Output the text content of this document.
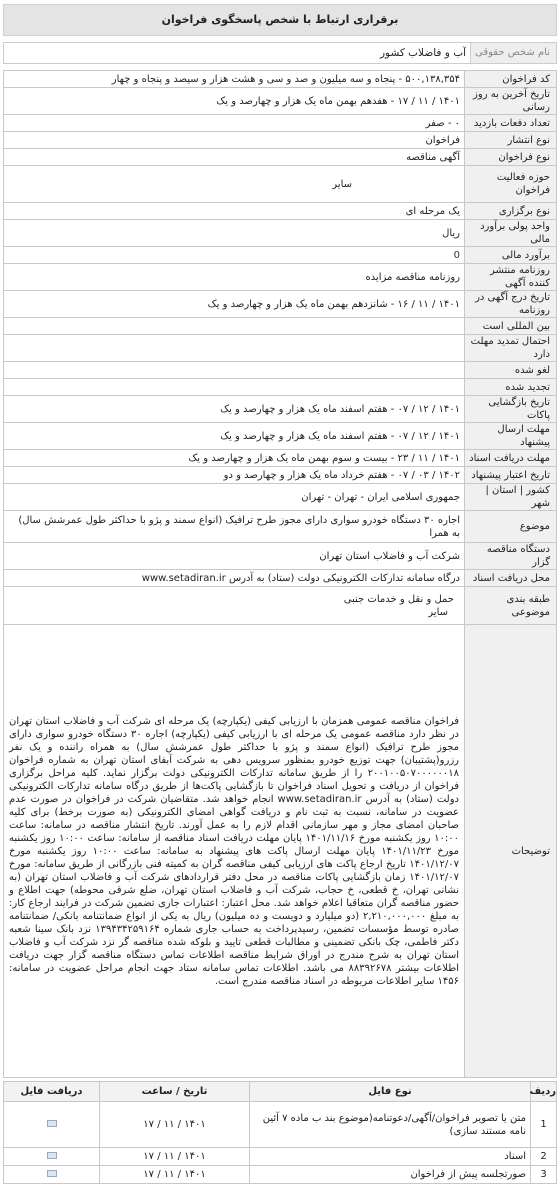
برقراری ارتباط با شخص پاسخگوی فراخوان
نام شخص حقوقی
آب و فاضلاب کشور
کد فراخوان	۵۰۰,۱۳۸,۳۵۴ - پنجاه و سه میلیون و صد و سی و هشت هزار و سیصد و پنجاه و چهار
تاریخ آخرین به روز رسانی	۱۴۰۱ / ۱۱ / ۱۷ - هفدهم بهمن ماه یک هزار و چهارصد و یک
تعداد دفعات بازدید	۰ - صفر
نوع انتشار	فراخوان
نوع فراخوان	آگهی مناقصه
حوزه فعالیت فراخوان	سایر
نوع برگزاری	یک مرحله ای
واحد پولی برآورد مالی	ریال
برآورد مالی	0
روزنامه منتشر کننده آگهی	روزنامه مناقصه مزایده
تاریخ درج آگهی در روزنامه	۱۴۰۱ / ۱۱ / ۱۶ - شانزدهم بهمن ماه یک هزار و چهارصد و یک
بین المللی است	
احتمال تمدید مهلت دارد	
لغو شده	
تجدید شده	
تاریخ بازگشایی پاکات	۱۴۰۱ / ۱۲ / ۰۷ - هفتم اسفند ماه یک هزار و چهارصد و یک
مهلت ارسال پیشنهاد	۱۴۰۱ / ۱۲ / ۰۷ - هفتم اسفند ماه یک هزار و چهارصد و یک
مهلت دریافت اسناد	۱۴۰۱ / ۱۱ / ۲۳ - بیست و سوم بهمن ماه یک هزار و چهارصد و یک
تاریخ اعتبار پیشنهاد	۱۴۰۲ / ۰۳ / ۰۷ - هفتم خرداد ماه یک هزار و چهارصد و دو
کشور | استان | شهر	جمهوری اسلامی ایران - تهران - تهران
موضوع	اجاره ۳۰ دستگاه خودرو سواری دارای مجوز طرح ترافیک (انواع سمند و پژو با حداکثر طول عمرشش سال) به همرا
دستگاه مناقصه گزار	شرکت آب و فاضلاب استان تهران
محل دریافت اسناد	درگاه سامانه تدارکات الکترونیکی دولت (ستاد) به آدرس www.setadiran.ir
طبقه بندی موضوعی	حمل و نقل و خدمات جنبی
سایر

توضیحات	فراخوان مناقصه عمومی همزمان با ارزیابی کیفی (یکپارچه) یک مرحله ای شرکت آب و فاضلاب استان تهران در نظر دارد مناقصه عمومی یک مرحله ای با ارزیابی کیفی (یکپارچه) اجاره ۳۰ دستگاه خودرو سواری دارای مجوز طرح ترافیک (انواع سمند و پژو با حداکثر طول عمرشش سال) به همراه راننده و یک نفر رزرو(پشتیبان) جهت توزیع خودرو بمنظور سرویس دهی به شرکت آبفای استان تهران به شماره فراخوان ۲۰۰۱۰۰۵۰۷۰۰۰۰۰۰۱۸ را از طریق سامانه تدارکات الکترونیکی دولت برگزار نماید. کلیه مراحل برگزاری فراخوان از دریافت و تحویل اسناد فراخوان تا بازگشایی پاکت‌ها از طریق درگاه سامانه تدارکات الکترونیکی دولت (ستاد) به آدرس www.setadiran.ir انجام خواهد شد. متقاضیان شرکت در فراخوان در صورت عدم عضویت در سامانه، نسبت به ثبت نام و دریافت گواهی امضای الکترونیکی (به صورت برخط) برای کلیه صاحبان امضای مجاز و مهر سازمانی اقدام لازم را به عمل آورند. تاریخ انتشار مناقصه در سامانه: ساعت ۱۰:۰۰ روز یکشنبه مورخ ۱۴۰۱/۱۱/۱۶ پایان مهلت دریافت اسناد مناقصه از سامانه: ساعت ۱۰:۰۰ روز یکشنبه مورخ ۱۴۰۱/۱۱/۲۳ پایان مهلت ارسال پاکت های پیشنهاد به سامانه: ساعت ۱۰:۰۰ روز یکشنبه مورخ ۱۴۰۱/۱۲/۰۷ تاریخ ارجاع پاکت های ارزیابی کیفی مناقصه گران به کمیته فنی بازرگانی از طریق سامانه: مورخ ۱۴۰۱/۱۲/۰۷ زمان بازگشایی پاکات مناقصه در محل دفتر قراردادهای شرکت آب و فاضلاب استان تهران (به نشانی تهران، خ قطعی، خ حجاب، شرکت آب و فاضلاب استان تهران، ضلع شرقی محوطه) جهت اطلاع و حضور مناقصه گران متعاقبا اعلام خواهد شد. محل اعتبار: اعتبارات جاری تضمین شرکت در فرایند ارجاع کار: به مبلغ ۲,۲۱۰,۰۰۰,۰۰۰ (دو میلیارد و دویست و ده میلیون) ریال به یکی از انواع ضمانتنامه بانکی/ ضمانتنامه صادره توسط مؤسسات تضمین، رسیدپرداخت به حساب جاری شماره ۱۳۹۴۳۴۲۵۹۱۶۴ نزد بانک سینا شعبه دکتر فاطمی، چک بانکی تضمینی و مطالبات قطعی تایید و بلوکه شده مناقصه گر نزد شرکت آب و فاضلاب استان تهران به شرح مندرج در اوراق شرایط مناقصه اطلاعات تماس دستگاه مناقصه گزار جهت دریافت اطلاعات بیشتر ۸۸۳۹۲۶۷۸ می باشد. اطلاعات تماس سامانه ستاد جهت انجام مراحل عضویت در سامانه: ۱۴۵۶ سایر اطلاعات مربوطه در اسناد مناقصه مندرج است.
ردیف	نوع فایل	تاریخ / ساعت	دریافت فایل
1	متن یا تصویر فراخوان/آگهی/دعوتنامه(موضوع بند ب ماده ۷ آئین نامه مستند سازی)	۱۴۰۱ / ۱۱ / ۱۷	
2	اسناد	۱۴۰۱ / ۱۱ / ۱۷	
3	صورتجلسه پیش از فراخوان	۱۴۰۱ / ۱۱ / ۱۷	
